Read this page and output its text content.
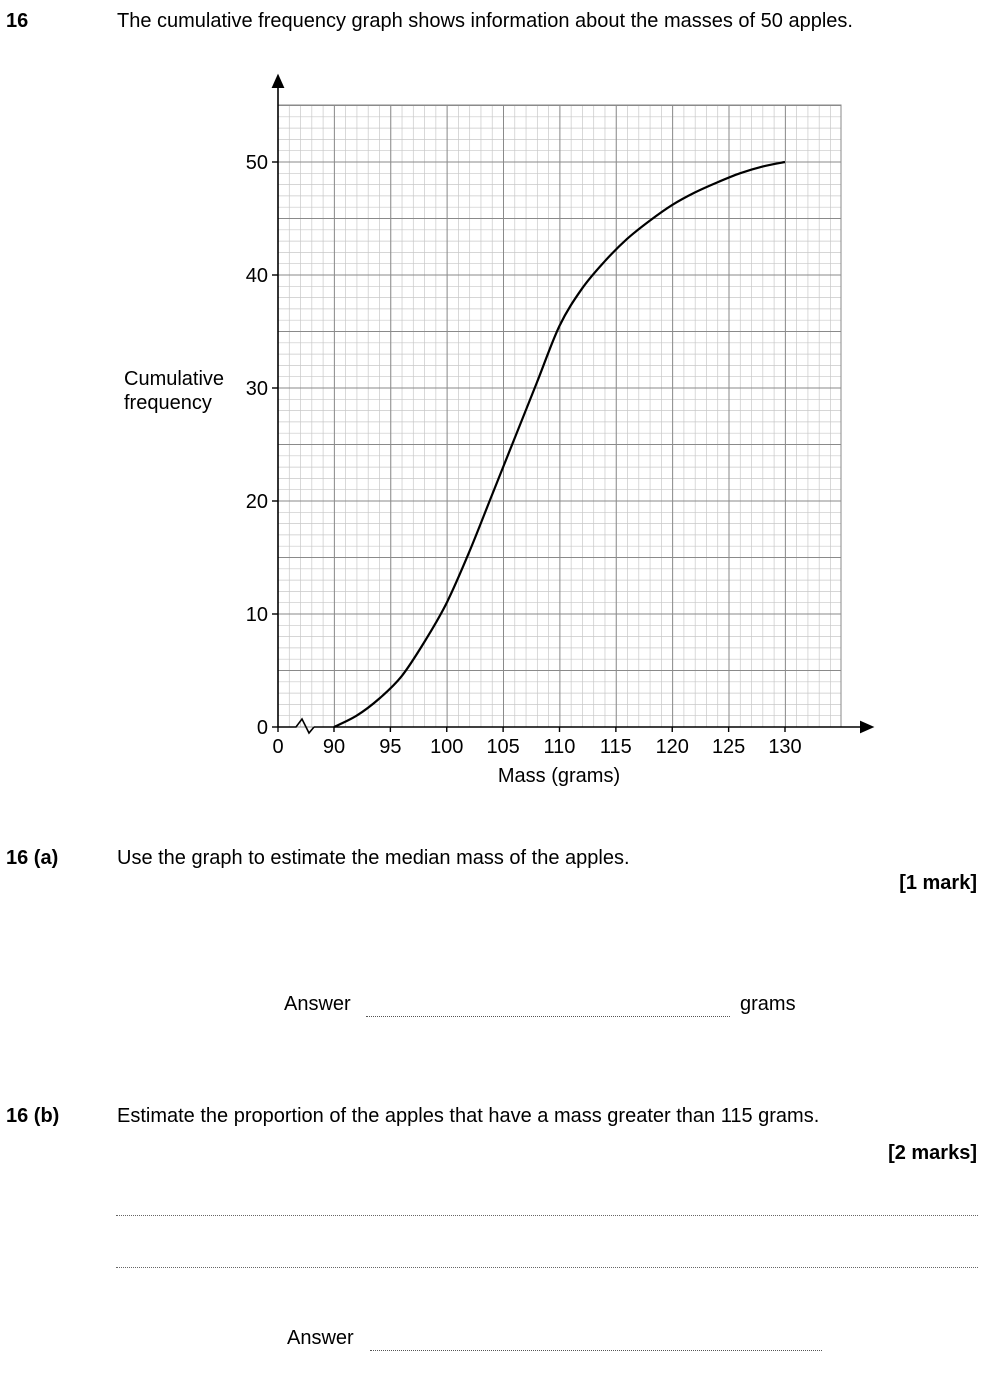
16	The cumulative frequency graph shows information about the masses of 50 apples.
0
10
20
30
40
50
0 90 95 100 105 110 115 120 125 130
Mass (grams)
Cumulative
frequency
16 (a)	Use the graph to estimate the median mass of the apples.
[1 mark]
Answer	grams
16 (b)	Estimate the proportion of the apples that have a mass greater than 115 grams.
[2 marks]
Answer
